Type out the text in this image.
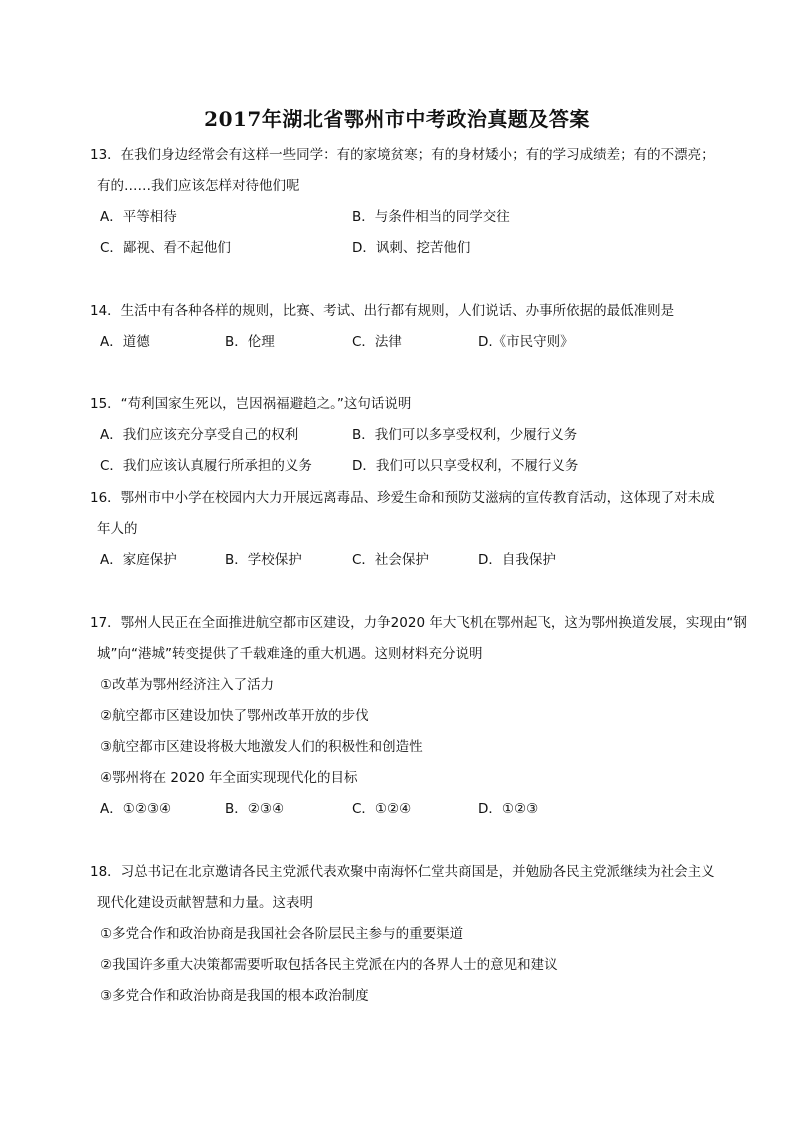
2017年湖北省鄂州市中考政治真题及答案
13．在我们身边经常会有这样一些同学：有的家境贫寒；有的身材矮小；有的学习成绩差；有的不漂亮；
有的……我们应该怎样对待他们呢
A．平等相待	B．与条件相当的同学交往
C．鄙视、看不起他们	D．讽刺、挖苦他们
14．生活中有各种各样的规则，比赛、考试、出行都有规则，人们说话、办事所依据的最低准则是
A．道德	B．伦理	C．法律	D.《市民守则》
15．“苟利国家生死以，岂因祸福避趋之。”这句话说明
A．我们应该充分享受自己的权利	B．我们可以多享受权利，少履行义务
C．我们应该认真履行所承担的义务	D．我们可以只享受权利，不履行义务
16．鄂州市中小学在校园内大力开展远离毒品、珍爱生命和预防艾滋病的宣传教育活动，这体现了对未成
年人的
A．家庭保护	B．学校保护	C．社会保护	D．自我保护
17．鄂州人民正在全面推进航空都市区建设，力争2020 年大飞机在鄂州起飞，这为鄂州换道发展，实现由“钢
城”向“港城”转变提供了千载难逢的重大机遇。这则材料充分说明
①改革为鄂州经济注入了活力
②航空都市区建设加快了鄂州改革开放的步伐
③航空都市区建设将极大地激发人们的积极性和创造性
④鄂州将在 2020 年全面实现现代化的目标
A．①②③④	B．②③④	C．①②④	D．①②③
18．习总书记在北京邀请各民主党派代表欢聚中南海怀仁堂共商国是，并勉励各民主党派继续为社会主义
现代化建设贡献智慧和力量。这表明
①多党合作和政治协商是我国社会各阶层民主参与的重要渠道
②我国许多重大决策都需要听取包括各民主党派在内的各界人士的意见和建议
③多党合作和政治协商是我国的根本政治制度
